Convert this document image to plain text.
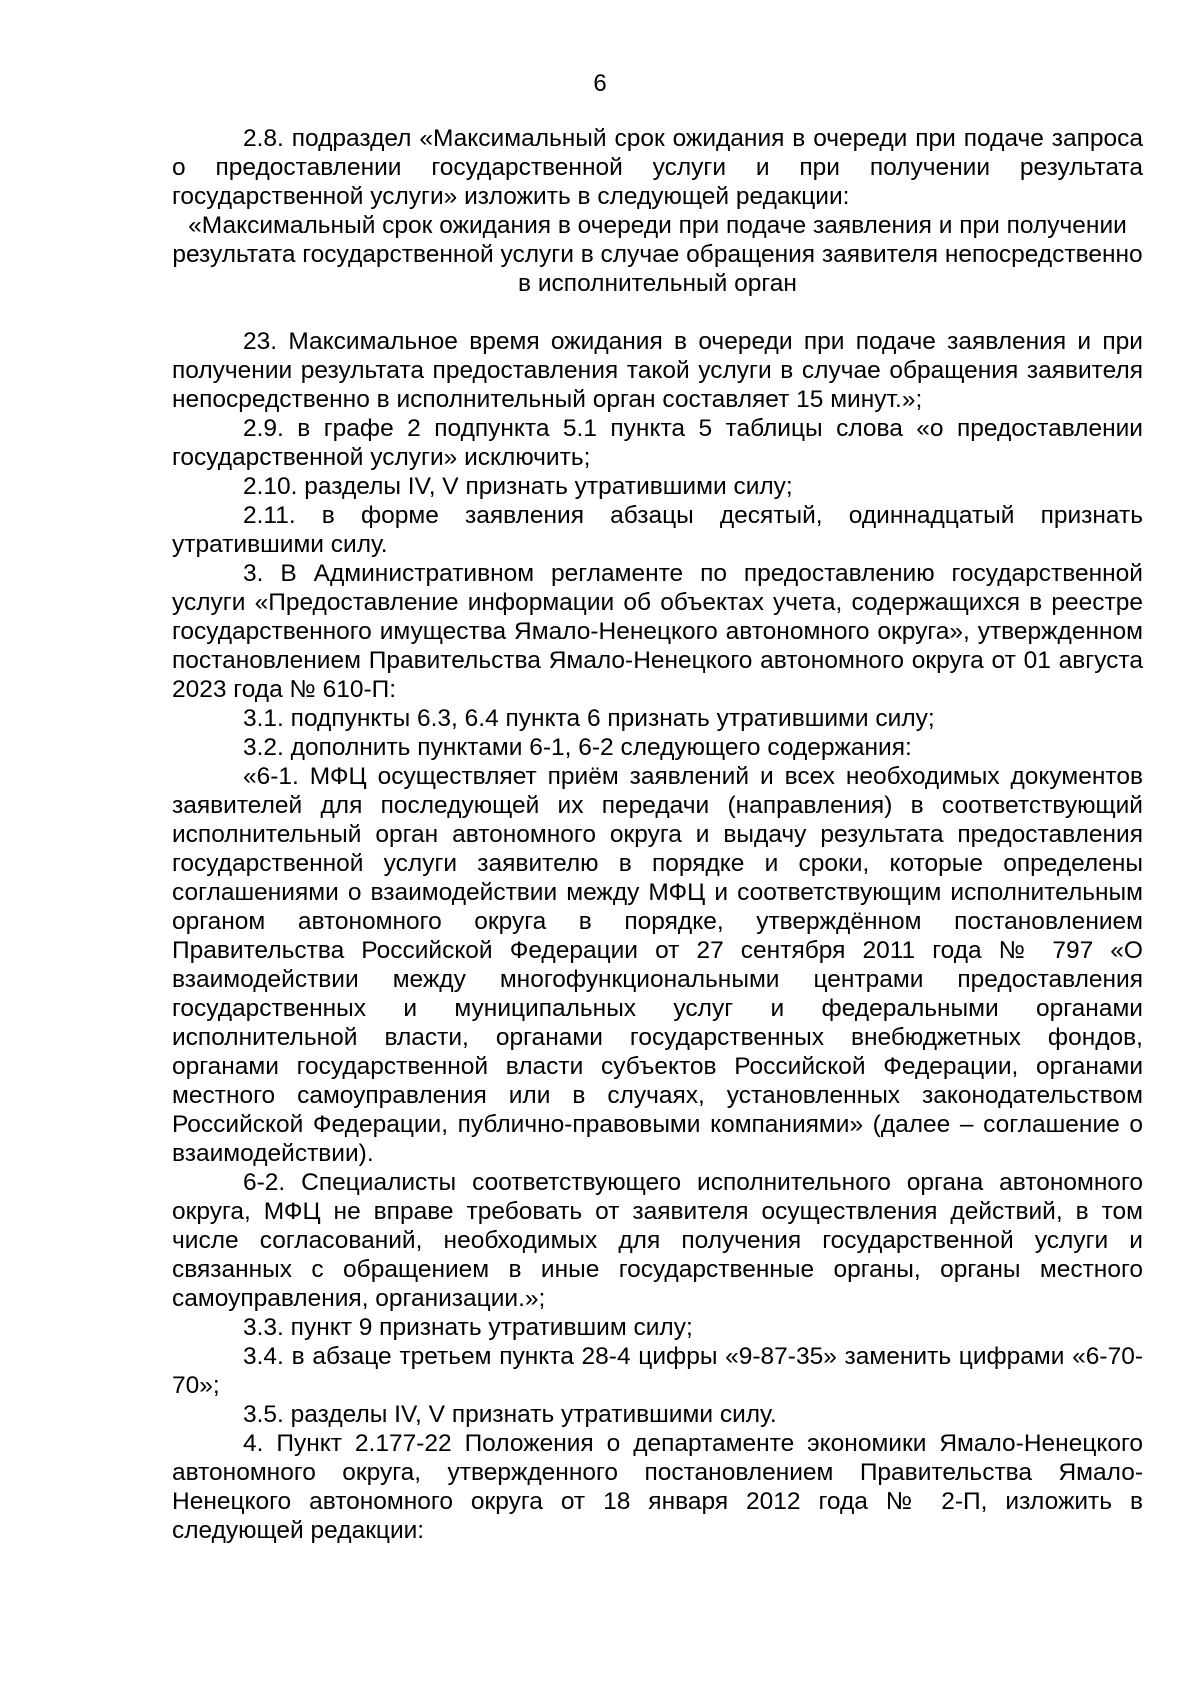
6

2.8. подраздел «Максимальный срок ожидания в очереди при подаче запроса о предоставлении государственной услуги и при получении результата государственной услуги» изложить в следующей редакции:

«Максимальный срок ожидания в очереди при подаче заявления и при получении результата государственной услуги в случае обращения заявителя непосредственно в исполнительный орган

23. Максимальное время ожидания в очереди при подаче заявления и при получении результата предоставления такой услуги в случае обращения заявителя непосредственно в исполнительный орган составляет 15 минут.»;

2.9. в графе 2 подпункта 5.1 пункта 5 таблицы слова «о предоставлении государственной услуги» исключить;

2.10. разделы IV, V признать утратившими силу;

2.11. в форме заявления абзацы десятый, одиннадцатый признать утратившими силу.

3. В Административном регламенте по предоставлению государственной услуги «Предоставление информации об объектах учета, содержащихся в реестре государственного имущества Ямало-Ненецкого автономного округа», утвержденном постановлением Правительства Ямало-Ненецкого автономного округа от 01 августа 2023 года № 610-П:

3.1. подпункты 6.3, 6.4 пункта 6 признать утратившими силу;

3.2. дополнить пунктами 6-1, 6-2 следующего содержания:

«6-1. МФЦ осуществляет приём заявлений и всех необходимых документов заявителей для последующей их передачи (направления) в соответствующий исполнительный орган автономного округа и выдачу результата предоставления государственной услуги заявителю в порядке и сроки, которые определены соглашениями о взаимодействии между МФЦ и соответствующим исполнительным органом автономного округа в порядке, утверждённом постановлением Правительства Российской Федерации от 27 сентября 2011 года № 797 «О взаимодействии между многофункциональными центрами предоставления государственных и муниципальных услуг и федеральными органами исполнительной власти, органами государственных внебюджетных фондов, органами государственной власти субъектов Российской Федерации, органами местного самоуправления или в случаях, установленных законодательством Российской Федерации, публично-правовыми компаниями» (далее – соглашение о взаимодействии).

6-2. Специалисты соответствующего исполнительного органа автономного округа, МФЦ не вправе требовать от заявителя осуществления действий, в том числе согласований, необходимых для получения государственной услуги и связанных с обращением в иные государственные органы, органы местного самоуправления, организации.»;

3.3. пункт 9 признать утратившим силу;

3.4. в абзаце третьем пункта 28-4 цифры «9-87-35» заменить цифрами «6-70-70»;

3.5. разделы IV, V признать утратившими силу.

4. Пункт 2.177-22 Положения о департаменте экономики Ямало-Ненецкого автономного округа, утвержденного постановлением Правительства Ямало-Ненецкого автономного округа от 18 января 2012 года № 2-П, изложить в следующей редакции:
